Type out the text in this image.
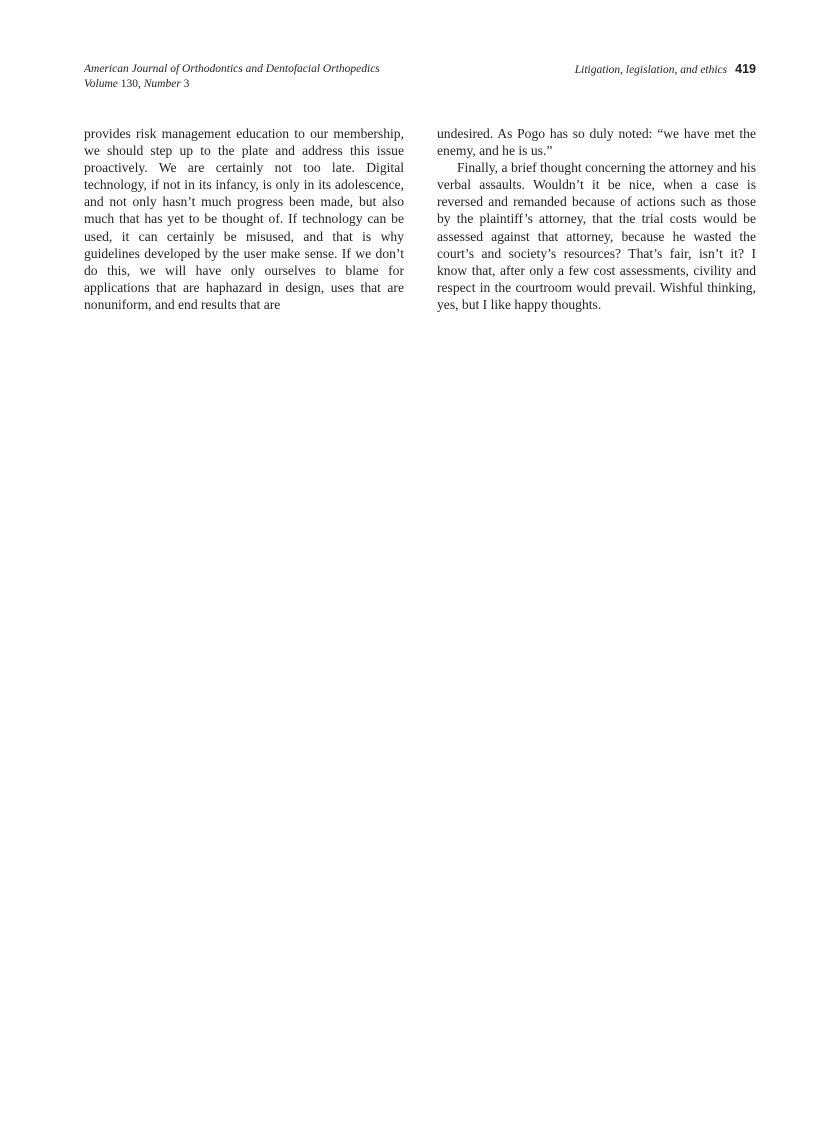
American Journal of Orthodontics and Dentofacial Orthopedics
Volume 130, Number 3
Litigation, legislation, and ethics 419

provides risk management education to our membership, we should step up to the plate and address this issue proactively. We are certainly not too late. Digital technology, if not in its infancy, is only in its adolescence, and not only hasn’t much progress been made, but also much that has yet to be thought of. If technology can be used, it can certainly be misused, and that is why guidelines developed by the user make sense. If we don’t do this, we will have only ourselves to blame for applications that are haphazard in design, uses that are nonuniform, and end results that are

undesired. As Pogo has so duly noted: “we have met the enemy, and he is us.”

Finally, a brief thought concerning the attorney and his verbal assaults. Wouldn’t it be nice, when a case is reversed and remanded because of actions such as those by the plaintiff’s attorney, that the trial costs would be assessed against that attorney, because he wasted the court’s and society’s resources? That’s fair, isn’t it? I know that, after only a few cost assessments, civility and respect in the courtroom would prevail. Wishful thinking, yes, but I like happy thoughts.
